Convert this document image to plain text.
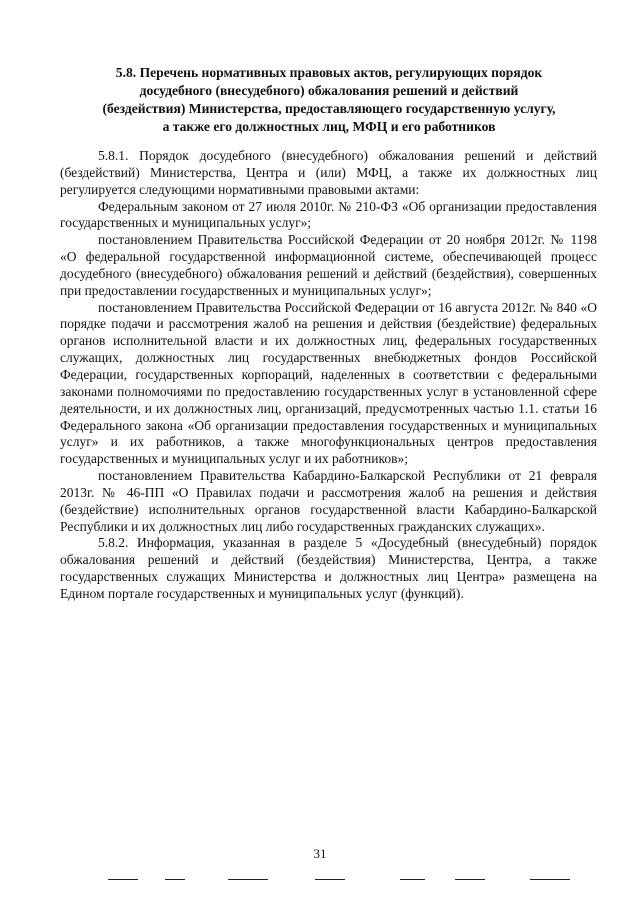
5.8. Перечень нормативных правовых актов, регулирующих порядок
досудебного (внесудебного) обжалования решений и действий
(бездействия) Министерства, предоставляющего государственную услугу,
а также его должностных лиц, МФЦ и его работников

5.8.1. Порядок досудебного (внесудебного) обжалования решений и действий (бездействий) Министерства, Центра и (или) МФЦ, а также их должностных лиц регулируется следующими нормативными правовыми актами:

Федеральным законом от 27 июля 2010г. № 210-ФЗ «Об организации предоставления государственных и муниципальных услуг»;

постановлением Правительства Российской Федерации от 20 ноября 2012г. № 1198 «О федеральной государственной информационной системе, обеспечивающей процесс досудебного (внесудебного) обжалования решений и действий (бездействия), совершенных при предоставлении государственных и муниципальных услуг»;

постановлением Правительства Российской Федерации от 16 августа 2012г. № 840 «О порядке подачи и рассмотрения жалоб на решения и действия (бездействие) федеральных органов исполнительной власти и их должностных лиц, федеральных государственных служащих, должностных лиц государственных внебюджетных фондов Российской Федерации, государственных корпораций, наделенных в соответствии с федеральными законами полномочиями по предоставлению государственных услуг в установленной сфере деятельности, и их должностных лиц, организаций, предусмотренных частью 1.1. статьи 16 Федерального закона «Об организации предоставления государственных и муниципальных услуг» и их работников, а также многофункциональных центров предоставления государственных и муниципальных услуг и их работников»;

постановлением Правительства Кабардино-Балкарской Республики от 21 февраля 2013г. № 46-ПП «О Правилах подачи и рассмотрения жалоб на решения и действия (бездействие) исполнительных органов государственной власти Кабардино-Балкарской Республики и их должностных лиц либо государственных гражданских служащих».

5.8.2. Информация, указанная в разделе 5 «Досудебный (внесудебный) порядок обжалования решений и действий (бездействия) Министерства, Центра, а также государственных служащих Министерства и должностных лиц Центра» размещена на Едином портале государственных и муниципальных услуг (функций).

31
